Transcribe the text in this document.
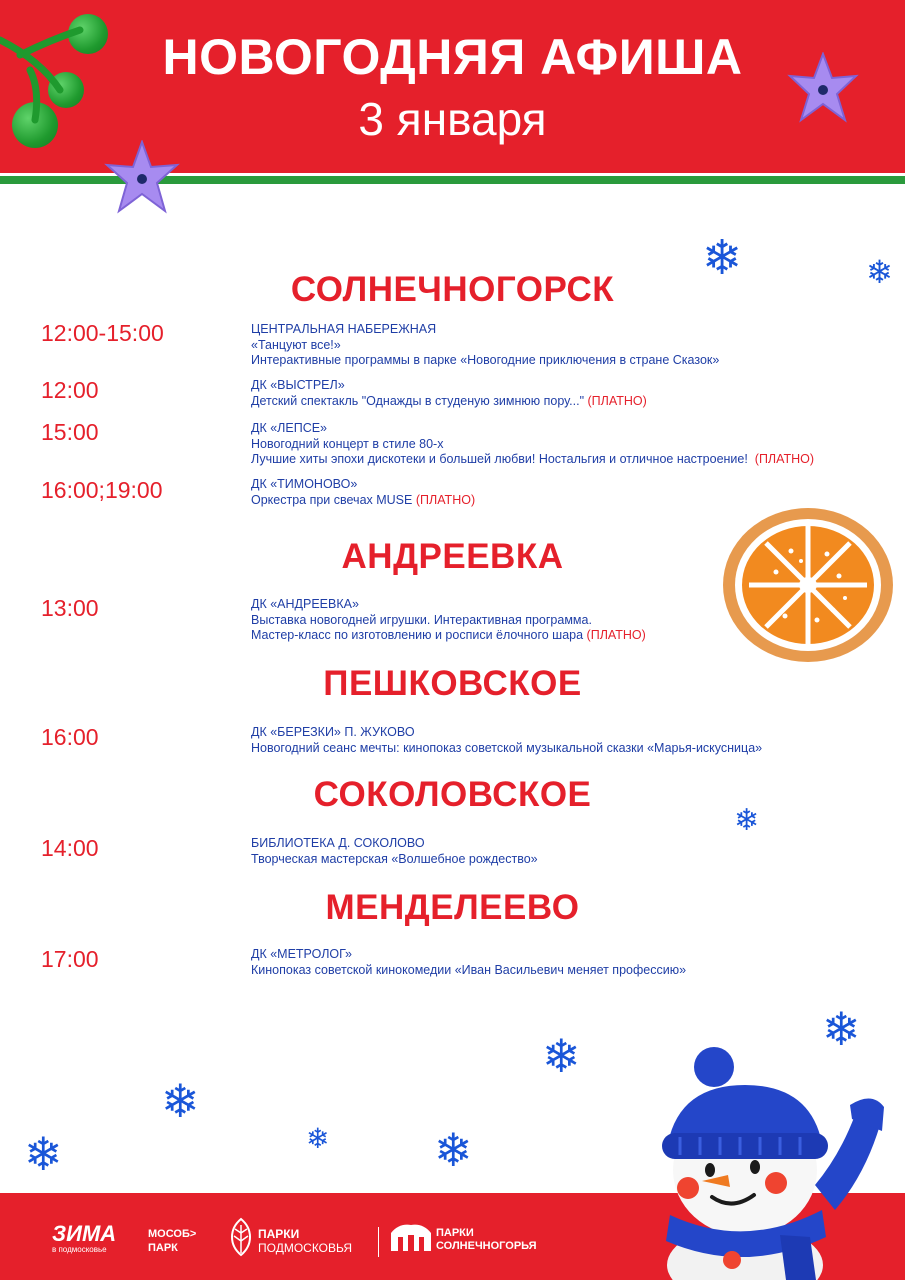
НОВОГОДНЯЯ АФИША
3 января
СОЛНЕЧНОГОРСК
12:00-15:00	ЦЕНТРАЛЬНАЯ НАБЕРЕЖНАЯ
«Танцуют все!»
Интерактивные программы в парке «Новогодние приключения в стране Сказок»
12:00	ДК «ВЫСТРЕЛ»
Детский спектакль "Однажды в студеную зимнюю пору..." (ПЛАТНО)
15:00	ДК «ЛЕПСЕ»
Новогодний концерт в стиле 80-х
Лучшие хиты эпохи дискотеки и большей любви! Ностальгия и отличное настроение! (ПЛАТНО)
16:00;19:00	ДК «ТИМОНОВО»
Оркестра при свечах MUSE (ПЛАТНО)
АНДРЕЕВКА
13:00	ДК «АНДРЕЕВКА»
Выставка новогодней игрушки. Интерактивная программа.
Мастер-класс по изготовлению и росписи ёлочного шара (ПЛАТНО)
ПЕШКОВСКОЕ
16:00	ДК «БЕРЕЗКИ» П. ЖУКОВО
Новогодний сеанс мечты: кинопоказ советской музыкальной сказки «Марья-искусница»
СОКОЛОВСКОЕ
14:00	БИБЛИОТЕКА Д. СОКОЛОВО
Творческая мастерская «Волшебное рождество»
МЕНДЕЛЕЕВО
17:00	ДК «МЕТРОЛОГ»
Кинопоказ советской кинокомедии «Иван Васильевич меняет профессию»
❄	❄
❄
❄
❄
❄
❄ ❄
❄
ЗИМА
в подмосковье
МОСОБ>
ПАРК
ПАРКИ
ПОДМОСКОВЬЯ
ПАРКИ
СОЛНЕЧНОГОРЬЯ
